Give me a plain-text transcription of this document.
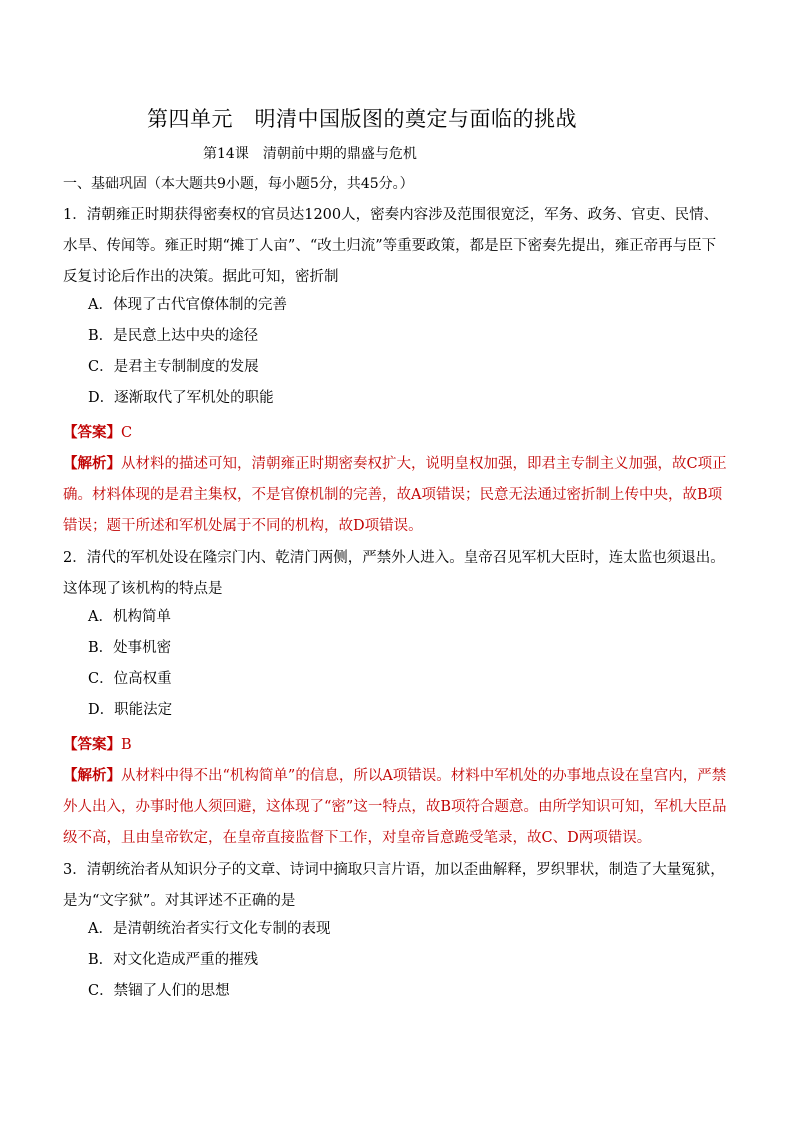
第四单元　明清中国版图的奠定与面临的挑战
第14课　清朝前中期的鼎盛与危机
一、基础巩固（本大题共9小题，每小题5分，共45分。）
1．清朝雍正时期获得密奏权的官员达1200人，密奏内容涉及范围很宽泛，军务、政务、官吏、民情、水旱、传闻等。雍正时期“摊丁人亩”、“改土归流”等重要政策，都是臣下密奏先提出，雍正帝再与臣下反复讨论后作出的决策。据此可知，密折制
A．体现了古代官僚体制的完善
B．是民意上达中央的途径
C．是君主专制制度的发展
D．逐渐取代了军机处的职能
【答案】C
【解析】从材料的描述可知，清朝雍正时期密奏权扩大，说明皇权加强，即君主专制主义加强，故C项正确。材料体现的是君主集权，不是官僚机制的完善，故A项错误；民意无法通过密折制上传中央，故B项错误；题干所述和军机处属于不同的机构，故D项错误。
2．清代的军机处设在隆宗门内、乾清门两侧，严禁外人进入。皇帝召见军机大臣时，连太监也须退出。这体现了该机构的特点是
A．机构简单
B．处事机密
C．位高权重
D．职能法定
【答案】B
【解析】从材料中得不出“机构简单”的信息，所以A项错误。材料中军机处的办事地点设在皇宫内，严禁外人出入，办事时他人须回避，这体现了“密”这一特点，故B项符合题意。由所学知识可知，军机大臣品级不高，且由皇帝钦定，在皇帝直接监督下工作，对皇帝旨意跪受笔录，故C、D两项错误。
3．清朝统治者从知识分子的文章、诗词中摘取只言片语，加以歪曲解释，罗织罪状，制造了大量冤狱，是为“文字狱”。对其评述不正确的是
A．是清朝统治者实行文化专制的表现
B．对文化造成严重的摧残
C．禁锢了人们的思想
